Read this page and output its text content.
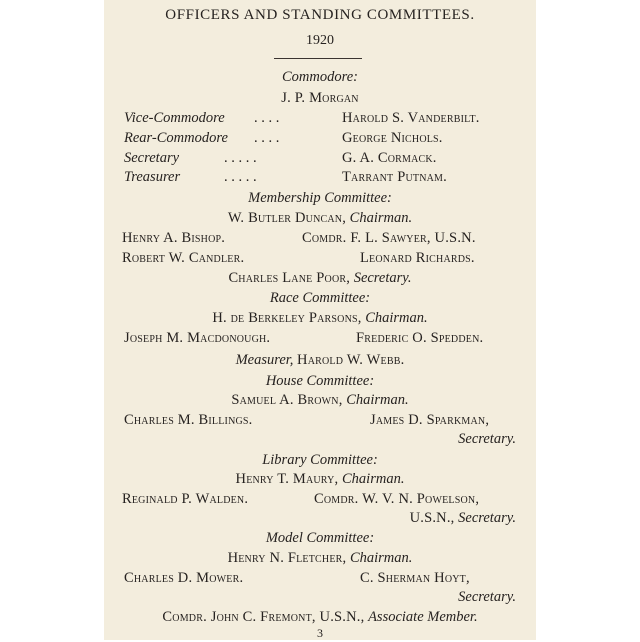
OFFICERS AND STANDING COMMITTEES.
1920
Commodore:
J. P. Morgan
Vice-Commodore . . . .	Harold S. Vanderbilt.
Rear-Commodore . . . .	George Nichols.
Secretary	. . . . .	G. A. Cormack.
Treasurer	. . . . .	Tarrant Putnam.
Membership Committee:
W. Butler Duncan, Chairman.
Henry A. Bishop.	Comdr. F. L. Sawyer, U.S.N.
Robert W. Candler.	Leonard Richards.
Charles Lane Poor, Secretary.
Race Committee:
H. de Berkeley Parsons, Chairman.
Joseph M. Macdonough.	Frederic O. Spedden.
Measurer, Harold W. Webb.
House Committee:
Samuel A. Brown, Chairman.
Charles M. Billings.	James D. Sparkman,
Secretary.
Library Committee:
Henry T. Maury, Chairman.
Reginald P. Walden.	Comdr. W. V. N. Powelson,
U.S.N., Secretary.
Model Committee:
Henry N. Fletcher, Chairman.
Charles D. Mower.	C. Sherman Hoyt,
Secretary.
Comdr. John C. Fremont, U.S.N., Associate Member.
3
